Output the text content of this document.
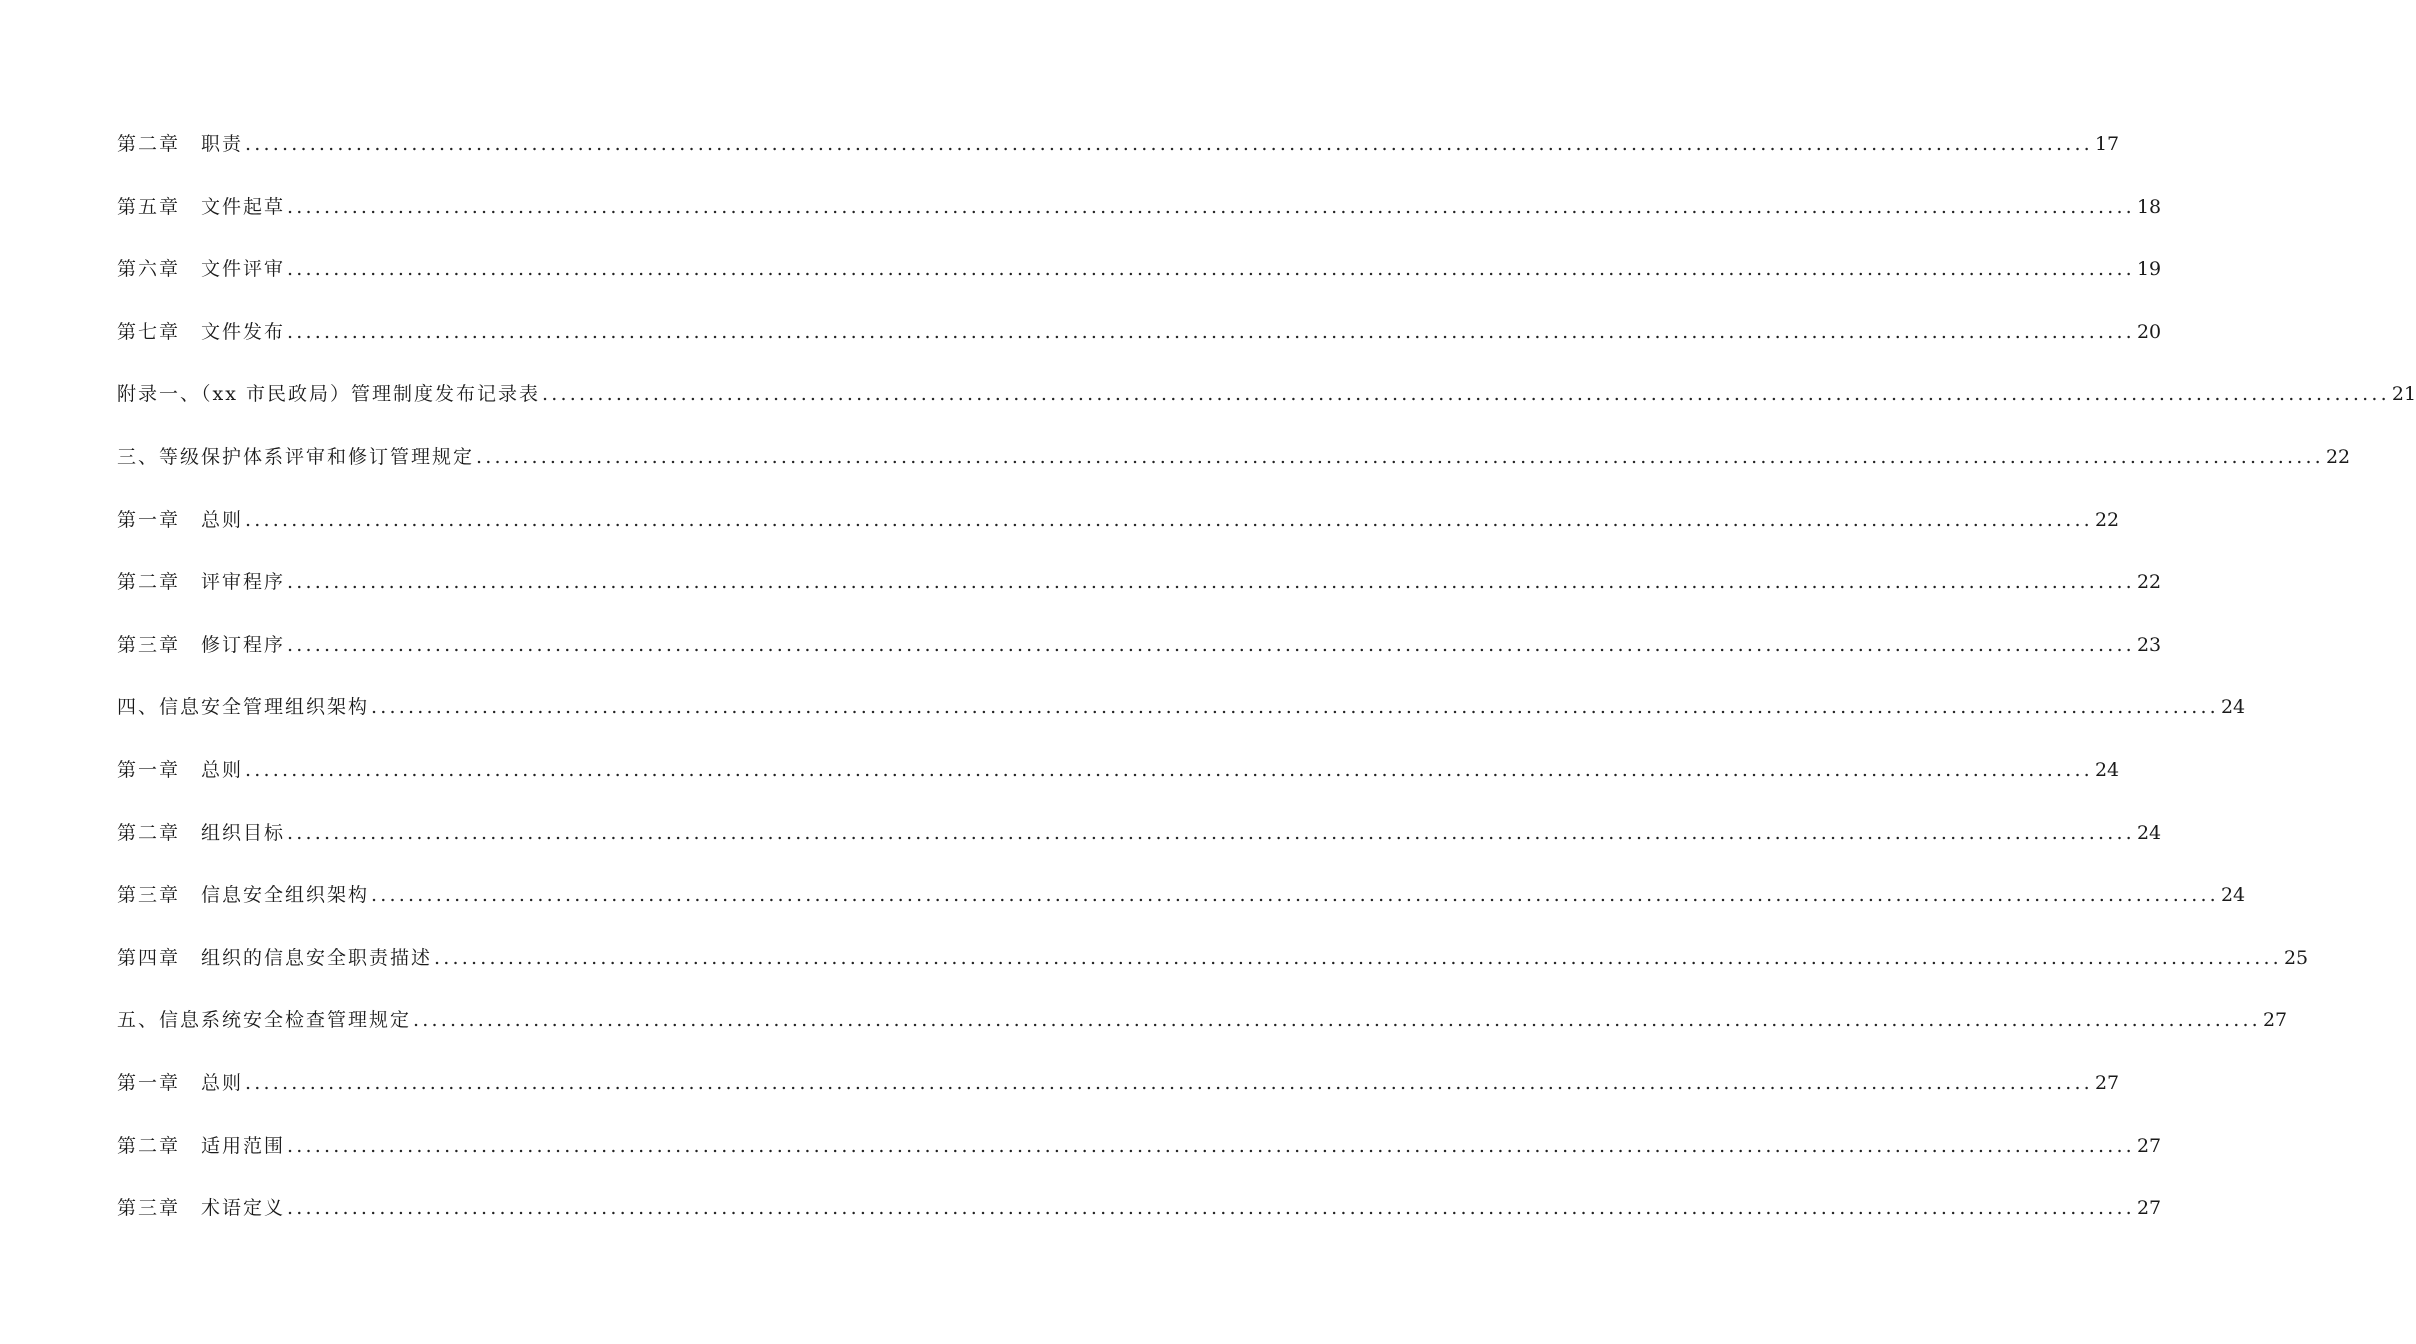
第二章　职责 ........................................................................................................................................................................................................ 17
第五章　文件起草 ........................................................................................................................................................................................................ 18
第六章　文件评审 ........................................................................................................................................................................................................ 19
第七章　文件发布 ........................................................................................................................................................................................................ 20
附录一、（xx 市民政局）管理制度发布记录表 ........................................................................................................................................................................................................ 21
三、等级保护体系评审和修订管理规定 ........................................................................................................................................................................................................ 22
第一章　总则 ........................................................................................................................................................................................................ 22
第二章　评审程序 ........................................................................................................................................................................................................ 22
第三章　修订程序 ........................................................................................................................................................................................................ 23
四、信息安全管理组织架构 ........................................................................................................................................................................................................ 24
第一章　总则 ........................................................................................................................................................................................................ 24
第二章　组织目标 ........................................................................................................................................................................................................ 24
第三章　信息安全组织架构 ........................................................................................................................................................................................................ 24
第四章　组织的信息安全职责描述 ........................................................................................................................................................................................................ 25
五、信息系统安全检查管理规定 ........................................................................................................................................................................................................ 27
第一章　总则 ........................................................................................................................................................................................................ 27
第二章　适用范围 ........................................................................................................................................................................................................ 27
第三章　术语定义 ........................................................................................................................................................................................................ 27
